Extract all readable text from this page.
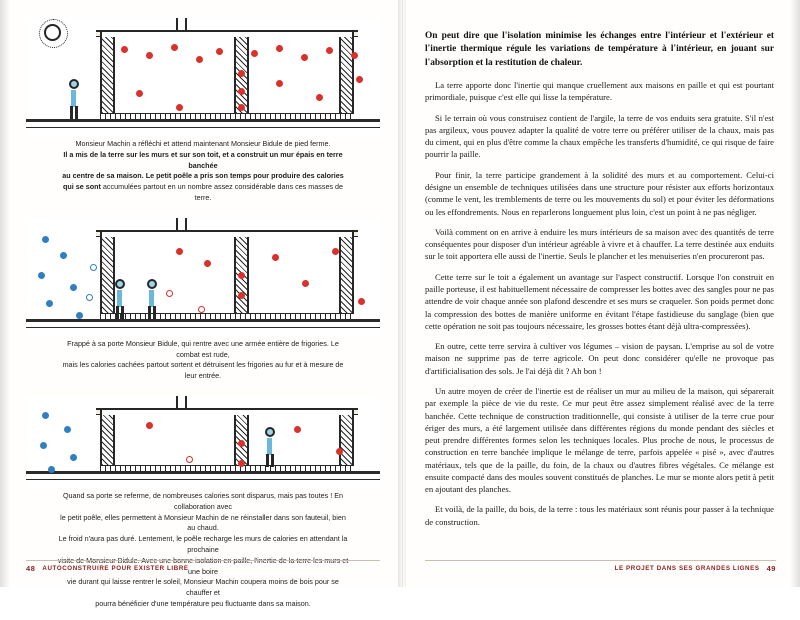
Monsieur Machin a réfléchi et attend maintenant Monsieur Bidule de pied ferme.
Il a mis de la terre sur les murs et sur son toit, et a construit un mur épais en terre banchée
au centre de sa maison. Le petit poêle a pris son temps pour produire des calories qui se sont accumulées partout en un nombre assez considérable dans ces masses de terre.
Frappé à sa porte Monsieur Bidule, qui rentre avec une armée entière de frigories. Le combat est rude,
mais les calories cachées partout sortent et détruisent les frigories au fur et à mesure de leur entrée.
Quand sa porte se referme, de nombreuses calories sont disparus, mais pas toutes ! En collaboration avec
le petit poêle, elles permettent à Monsieur Machin de ne réinstaller dans son fauteuil, bien au chaud.
Le froid n'aura pas duré. Lentement, le poêle recharge les murs de calories en attendant la prochaine
une boire
vie durant qui laisse rentrer le soleil, Monsieur Machin coupera moins de bois pour se chauffer et
pourra bénéficier d'une température peu fluctuante dans sa maison.
48 AUTOCONSTRUIRE POUR EXISTER LIBRE

On peut dire que l'isolation minimise les échanges entre l'intérieur et l'extérieur et l'inertie thermique régule les variations de température à l'intérieur, en jouant sur l'absorption et la restitution de chaleur.

La terre apporte donc l'inertie qui manque cruellement aux maisons en paille et qui est pourtant primordiale, puisque c'est elle qui lisse la température.

Si le terrain où vous construisez contient de l'argile, la terre de vos enduits sera gratuite. S'il n'est pas argileux, vous pouvez adapter la qualité de votre terre ou préférer utiliser de la chaux, mais pas du ciment, qui en plus d'être comme la chaux empêche les transferts d'humidité, ce qui risque de faire pourrir la paille.

Pour finir, la terre participe grandement à la solidité des murs et au comportement. Celui-ci désigne un ensemble de techniques utilisées dans une structure pour résister aux efforts horizontaux (comme le vent, les tremblements de terre ou les mouvements du sol) et pour éviter les déformations ou les effondrements. Nous en reparlerons longuement plus loin, c'est un point à ne pas négliger.

Voilà comment on en arrive à enduire les murs intérieurs de sa maison avec des quantités de terre conséquentes pour disposer d'un intérieur agréable à vivre et à chauffer. La terre destinée aux enduits sur le toit apportera elle aussi de l'inertie. Seuls le plancher et les menuiseries n'en procureront pas.

Cette terre sur le toit a également un avantage sur l'aspect constructif. Lorsque l'on construit en paille porteuse, il est habituellement nécessaire de compresser les bottes avec des sangles pour ne pas attendre de voir chaque année son plafond descendre et ses murs se craqueler. Son poids permet donc la compression des bottes de manière uniforme en évitant l'étape fastidieuse du sanglage (bien que cette opération ne soit pas toujours nécessaire, les grosses bottes étant déjà ultra-compressées).

En outre, cette terre servira à cultiver vos légumes – vision de paysan. L'emprise au sol de votre maison ne supprime pas de terre agricole. On peut donc considérer qu'elle ne provoque pas d'artificialisation des sols. Je l'ai déjà dit ? Ah bon !

Un autre moyen de créer de l'inertie est de réaliser un mur au milieu de la maison, qui séparerait par exemple la pièce de vie du reste. Ce mur peut être assez simplement réalisé avec de la terre banchée. Cette technique de construction traditionnelle, qui consiste à utiliser de la terre crue pour ériger des murs, a été largement utilisée dans différentes régions du monde pendant des siècles et peut prendre différentes formes selon les techniques locales. Plus proche de nous, le processus de construction en terre banchée implique le mélange de terre, parfois appelée « pisé », avec d'autres matériaux, tels que de la paille, du foin, de la chaux ou d'autres fibres végétales. Ce mélange est ensuite compacté dans des moules souvent constitués de planches. Le mur se monte alors petit à petit en ajoutant des planches.

Et voilà, de la paille, du bois, de la terre : tous les matériaux sont réunis pour passer à la technique de construction.

LE PROJET DANS SES GRANDES LIGNES 49
